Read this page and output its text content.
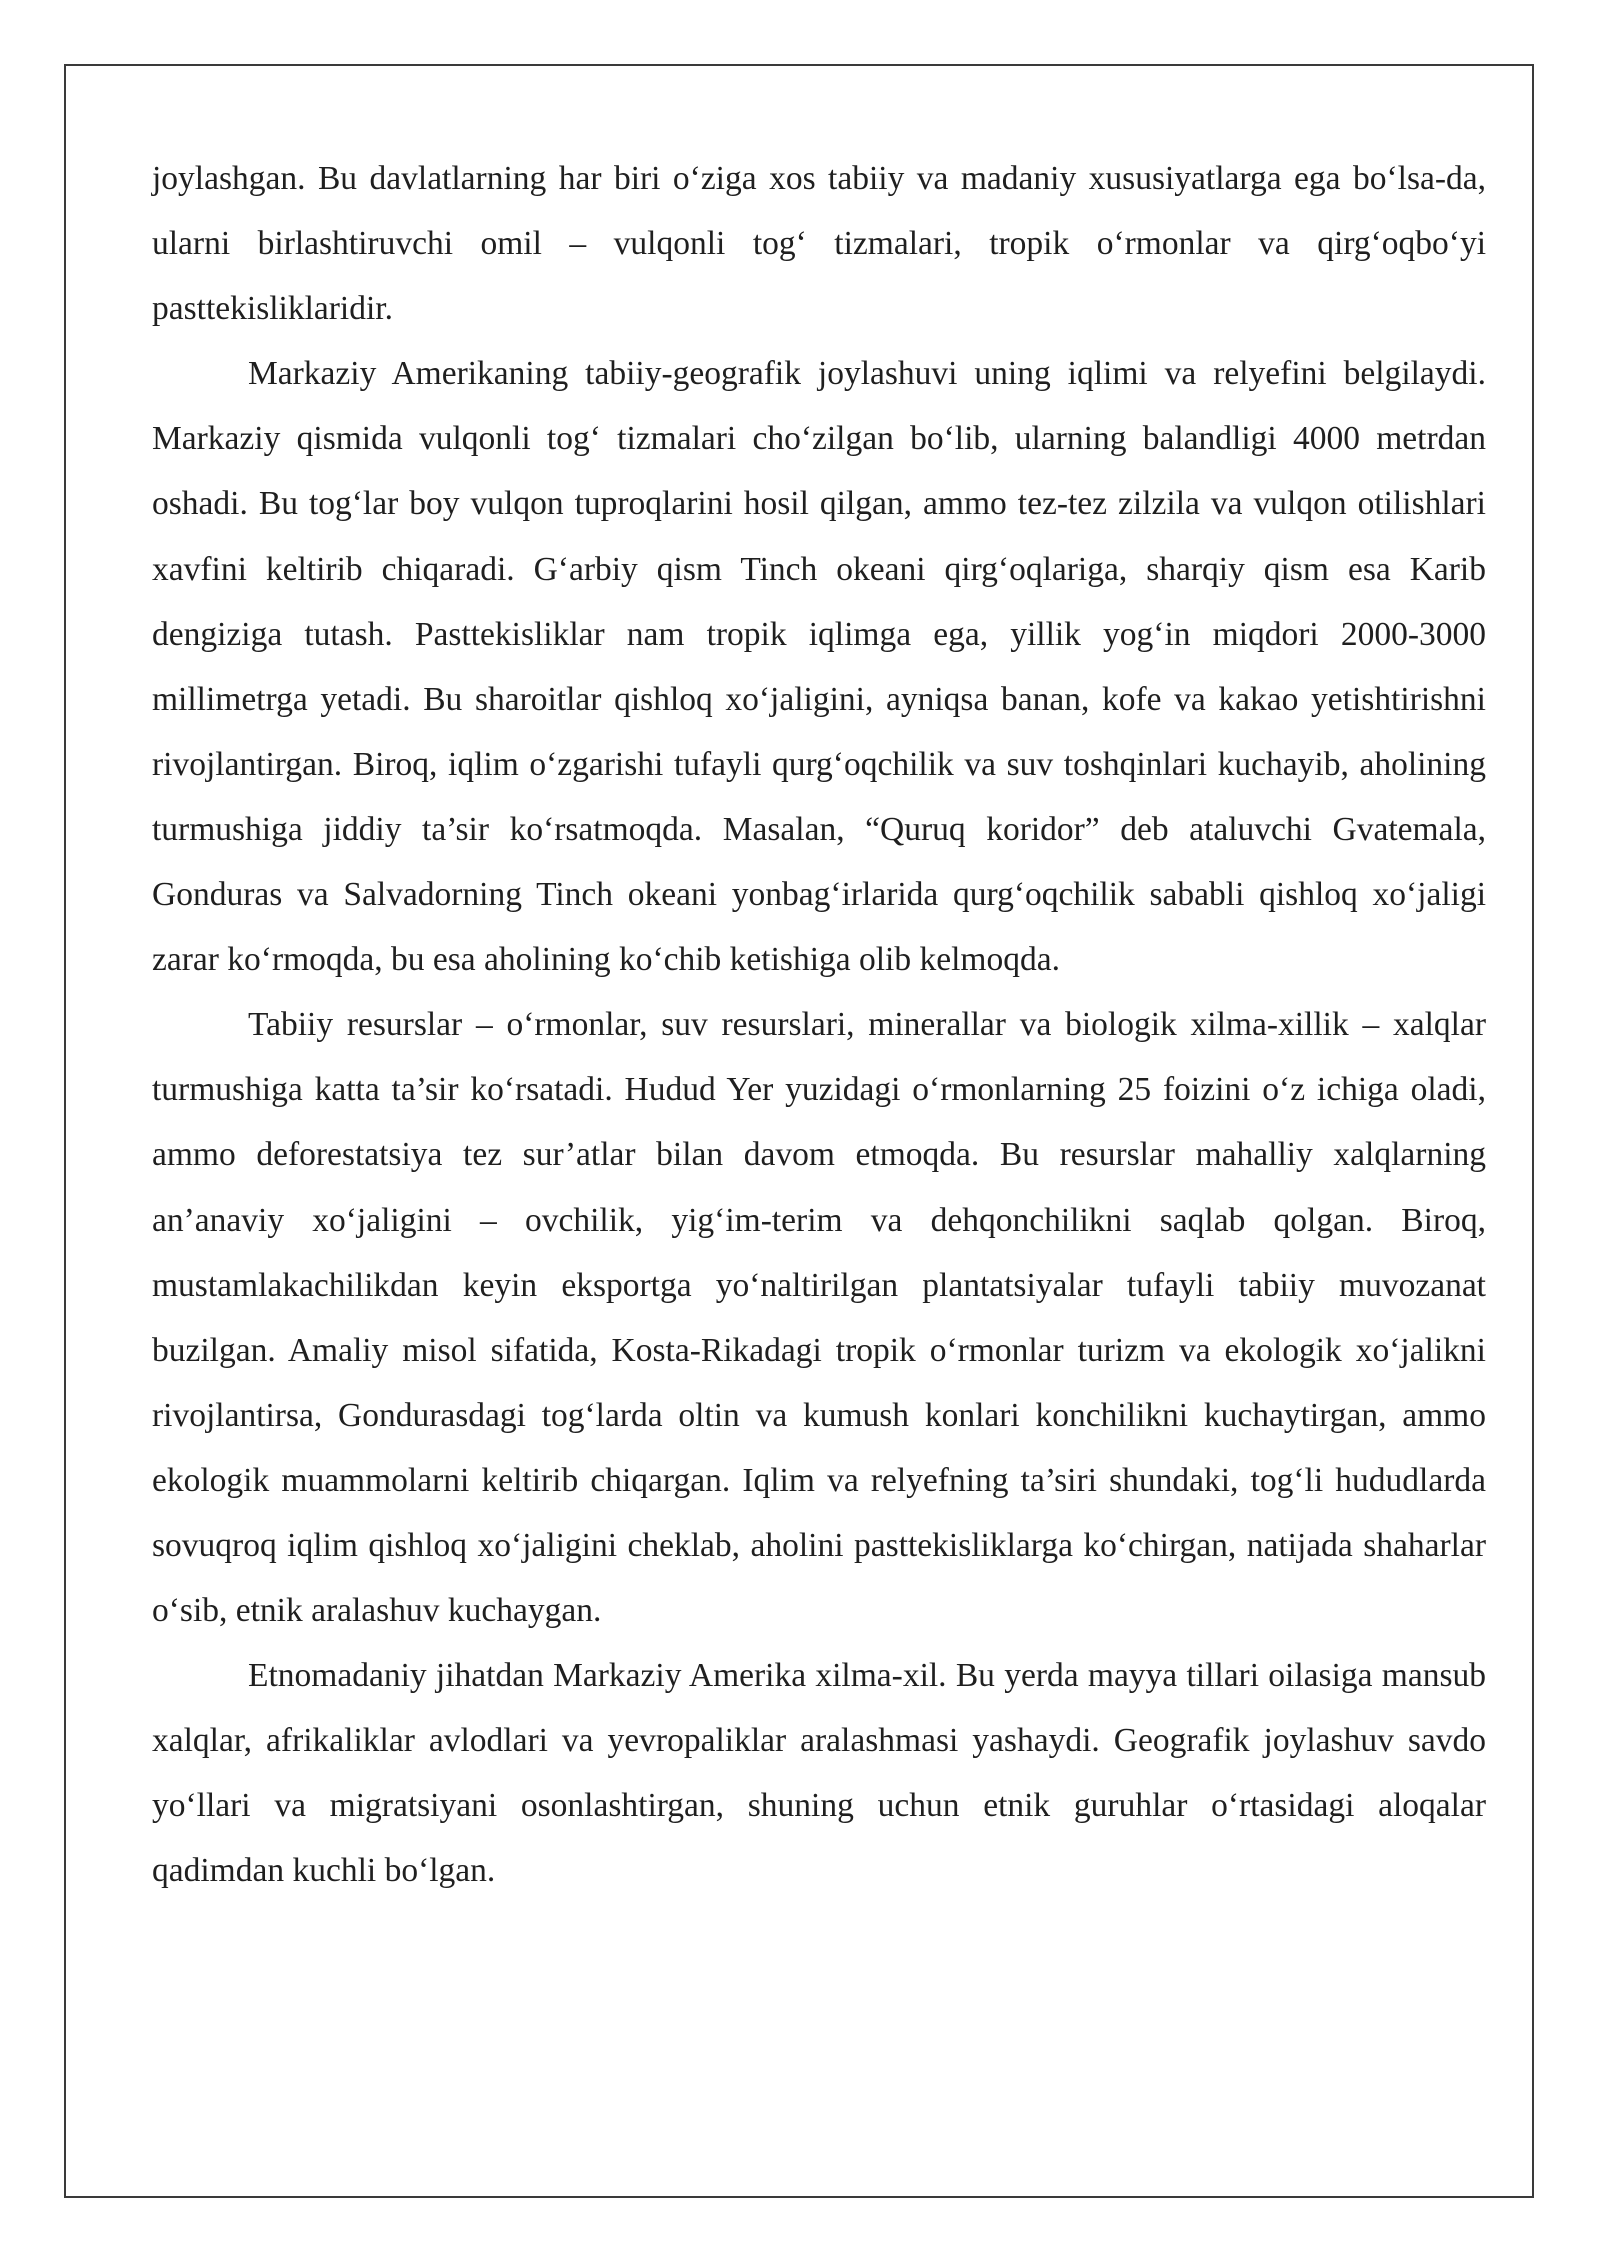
joylashgan. Bu davlatlarning har biri o‘ziga xos tabiiy va madaniy xususiyatlarga ega bo‘lsa-da, ularni birlashtiruvchi omil – vulqonli tog‘ tizmalari, tropik o‘rmonlar va qirg‘oqbo‘yi pasttekisliklaridir.

Markaziy Amerikaning tabiiy-geografik joylashuvi uning iqlimi va relyefini belgilaydi. Markaziy qismida vulqonli tog‘ tizmalari cho‘zilgan bo‘lib, ularning balandligi 4000 metrdan oshadi. Bu tog‘lar boy vulqon tuproqlarini hosil qilgan, ammo tez-tez zilzila va vulqon otilishlari xavfini keltirib chiqaradi. G‘arbiy qism Tinch okeani qirg‘oqlariga, sharqiy qism esa Karib dengiziga tutash. Pasttekisliklar nam tropik iqlimga ega, yillik yog‘in miqdori 2000-3000 millimetrga yetadi. Bu sharoitlar qishloq xo‘jaligini, ayniqsa banan, kofe va kakao yetishtirishni rivojlantirgan. Biroq, iqlim o‘zgarishi tufayli qurg‘oqchilik va suv toshqinlari kuchayib, aholining turmushiga jiddiy ta’sir ko‘rsatmoqda. Masalan, “Quruq koridor” deb ataluvchi Gvatemala, Gonduras va Salvadorning Tinch okeani yonbag‘irlarida qurg‘oqchilik sababli qishloq xo‘jaligi zarar ko‘rmoqda, bu esa aholining ko‘chib ketishiga olib kelmoqda.

Tabiiy resurslar – o‘rmonlar, suv resurslari, minerallar va biologik xilma-xillik – xalqlar turmushiga katta ta’sir ko‘rsatadi. Hudud Yer yuzidagi o‘rmonlarning 25 foizini o‘z ichiga oladi, ammo deforestatsiya tez sur’atlar bilan davom etmoqda. Bu resurslar mahalliy xalqlarning an’anaviy xo‘jaligini – ovchilik, yig‘im-terim va dehqonchilikni saqlab qolgan. Biroq, mustamlakachilikdan keyin eksportga yo‘naltirilgan plantatsiyalar tufayli tabiiy muvozanat buzilgan. Amaliy misol sifatida, Kosta-Rikadagi tropik o‘rmonlar turizm va ekologik xo‘jalikni rivojlantirsa, Gondurasdagi tog‘larda oltin va kumush konlari konchilikni kuchaytirgan, ammo ekologik muammolarni keltirib chiqargan. Iqlim va relyefning ta’siri shundaki, tog‘li hududlarda sovuqroq iqlim qishloq xo‘jaligini cheklab, aholini pasttekisliklarga ko‘chirgan, natijada shaharlar o‘sib, etnik aralashuv kuchaygan.

Etnomadaniy jihatdan Markaziy Amerika xilma-xil. Bu yerda mayya tillari oilasiga mansub xalqlar, afrikaliklar avlodlari va yevropaliklar aralashmasi yashaydi. Geografik joylashuv savdo yo‘llari va migratsiyani osonlashtirgan, shuning uchun etnik guruhlar o‘rtasidagi aloqalar qadimdan kuchli bo‘lgan.
